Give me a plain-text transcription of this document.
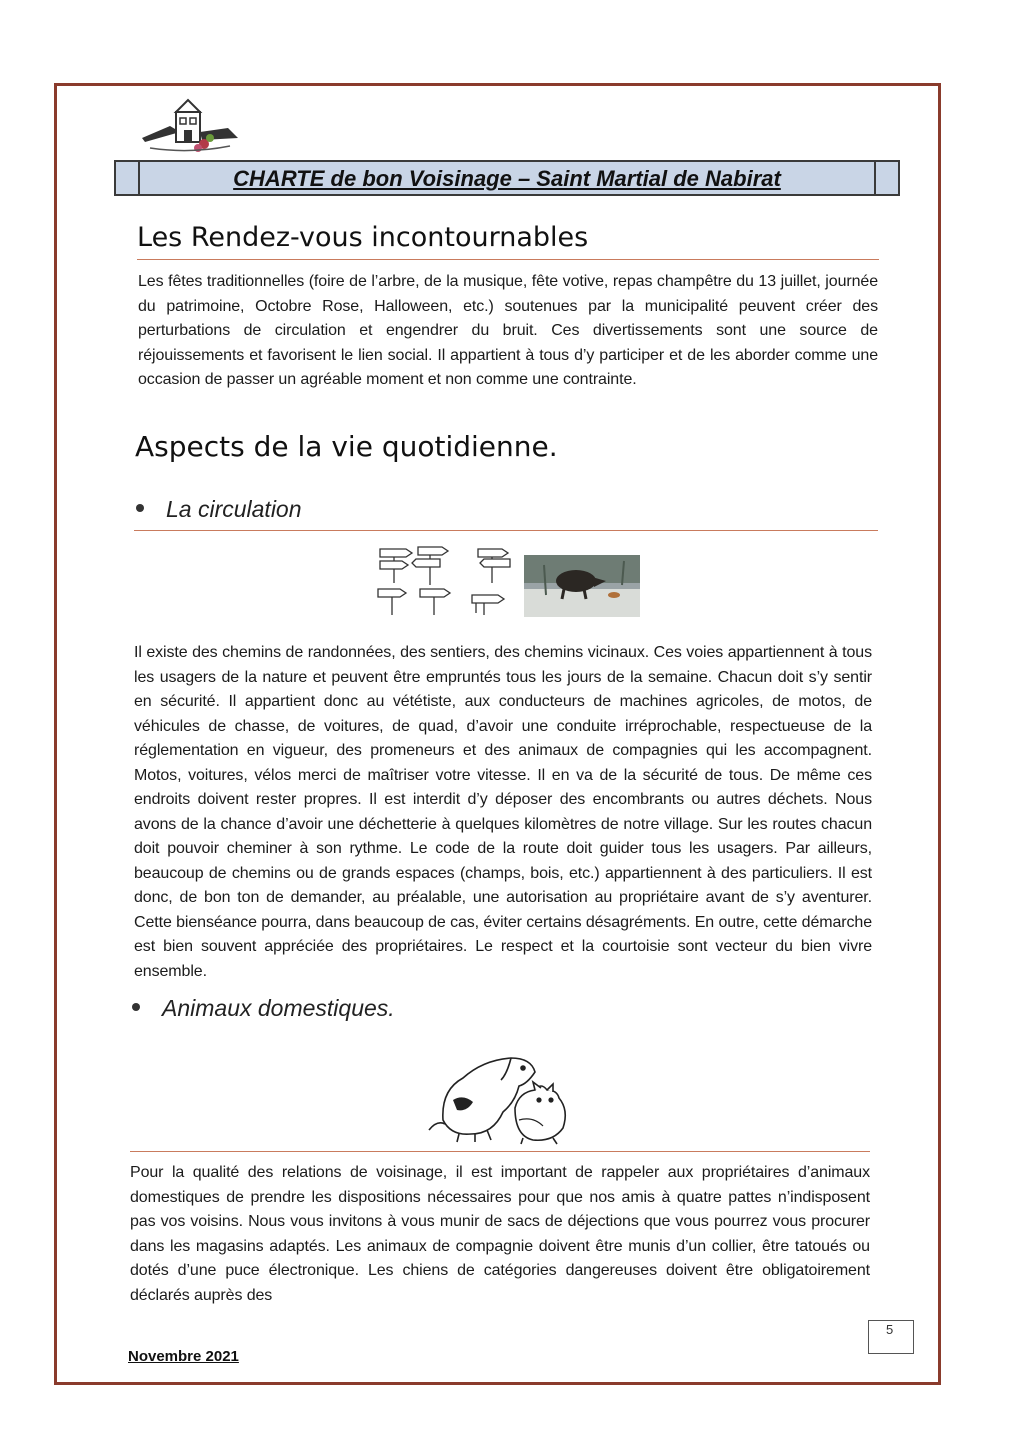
CHARTE de bon Voisinage – Saint Martial de Nabirat
Les Rendez-vous incontournables

Les fêtes traditionnelles (foire de l’arbre, de la musique, fête votive, repas champêtre du 13 juillet, journée du patrimoine, Octobre Rose, Halloween, etc.) soutenues par la municipalité peuvent créer des perturbations de circulation et engendrer du bruit. Ces divertissements sont une source de réjouissements et favorisent le lien social. Il appartient à tous d’y participer et de les aborder comme une occasion de passer un agréable moment et non comme une contrainte.

Aspects de la vie quotidienne.
La circulation

Il existe des chemins de randonnées, des sentiers, des chemins vicinaux. Ces voies appartiennent à tous les usagers de la nature et peuvent être empruntés tous les jours de la semaine. Chacun doit s’y sentir en sécurité. Il appartient donc au vététiste, aux conducteurs de machines agricoles, de motos, de véhicules de chasse, de voitures, de quad, d’avoir une conduite irréprochable, respectueuse de la réglementation en vigueur, des promeneurs et des animaux de compagnies qui les accompagnent. Motos, voitures, vélos merci de maîtriser votre vitesse. Il en va de la sécurité de tous. De même ces endroits doivent rester propres. Il est interdit d’y déposer des encombrants ou autres déchets. Nous avons de la chance d’avoir une déchetterie à quelques kilomètres de notre village. Sur les routes chacun doit pouvoir cheminer à son rythme. Le code de la route doit guider tous les usagers. Par ailleurs, beaucoup de chemins ou de grands espaces (champs, bois, etc.) appartiennent à des particuliers. Il est donc, de bon ton de demander, au préalable, une autorisation au propriétaire avant de s’y aventurer. Cette bienséance pourra, dans beaucoup de cas, éviter certains désagréments. En outre, cette démarche est bien souvent appréciée des propriétaires. Le respect et la courtoisie sont vecteur du bien vivre ensemble.

Animaux domestiques.

Pour la qualité des relations de voisinage, il est important de rappeler aux propriétaires d’animaux domestiques de prendre les dispositions nécessaires pour que nos amis à quatre pattes n’indisposent pas vos voisins. Nous vous invitons à vous munir de sacs de déjections que vous pourrez vous procurer dans les magasins adaptés. Les animaux de compagnie doivent être munis d’un collier, être tatoués ou dotés d’une puce électronique. Les chiens de catégories dangereuses doivent être obligatoirement déclarés auprès des

5
Novembre 2021
